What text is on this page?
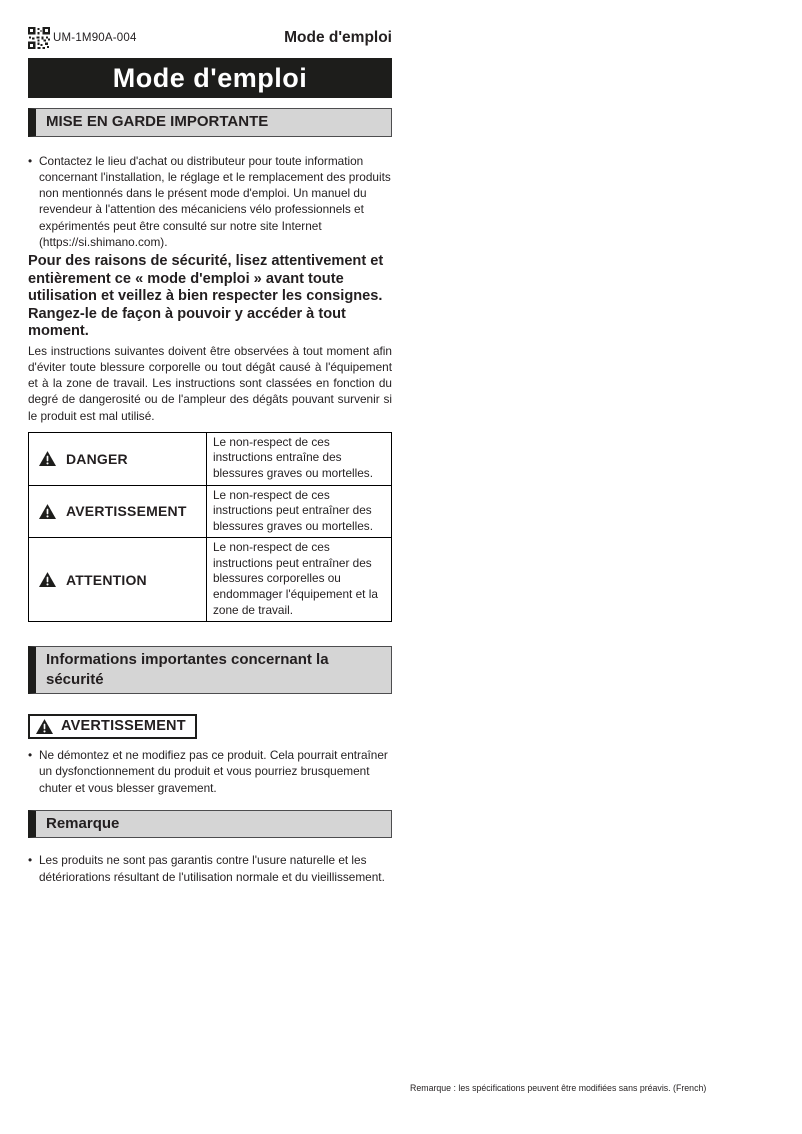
UM-1M90A-004	Mode d'emploi
Mode d'emploi
MISE EN GARDE IMPORTANTE
• Contactez le lieu d'achat ou distributeur pour toute information concernant l'installation, le réglage et le remplacement des produits non mentionnés dans le présent mode d'emploi. Un manuel du revendeur à l'attention des mécaniciens vélo professionnels et expérimentés peut être consulté sur notre site Internet (https://si.shimano.com).
Pour des raisons de sécurité, lisez attentivement et entièrement ce « mode d'emploi » avant toute utilisation et veillez à bien respecter les consignes. Rangez-le de façon à pouvoir y accéder à tout moment.
Les instructions suivantes doivent être observées à tout moment afin d'éviter toute blessure corporelle ou tout dégât causé à l'équipement et à la zone de travail. Les instructions sont classées en fonction du degré de dangerosité ou de l'ampleur des dégâts pouvant survenir si le produit est mal utilisé.
DANGER	Le non-respect de ces instructions entraîne des blessures graves ou mortelles.

AVERTISSEMENT	Le non-respect de ces instructions peut entraîner des blessures graves ou mortelles.

ATTENTION	Le non-respect de ces instructions peut entraîner des blessures corporelles ou endommager l'équipement et la zone de travail.
Informations importantes concernant la sécurité
AVERTISSEMENT
• Ne démontez et ne modifiez pas ce produit. Cela pourrait entraîner un dysfonctionnement du produit et vous pourriez brusquement chuter et vous blesser gravement.
Remarque
• Les produits ne sont pas garantis contre l'usure naturelle et les détériorations résultant de l'utilisation normale et du vieillissement.
Remarque : les spécifications peuvent être modifiées sans préavis. (French)
